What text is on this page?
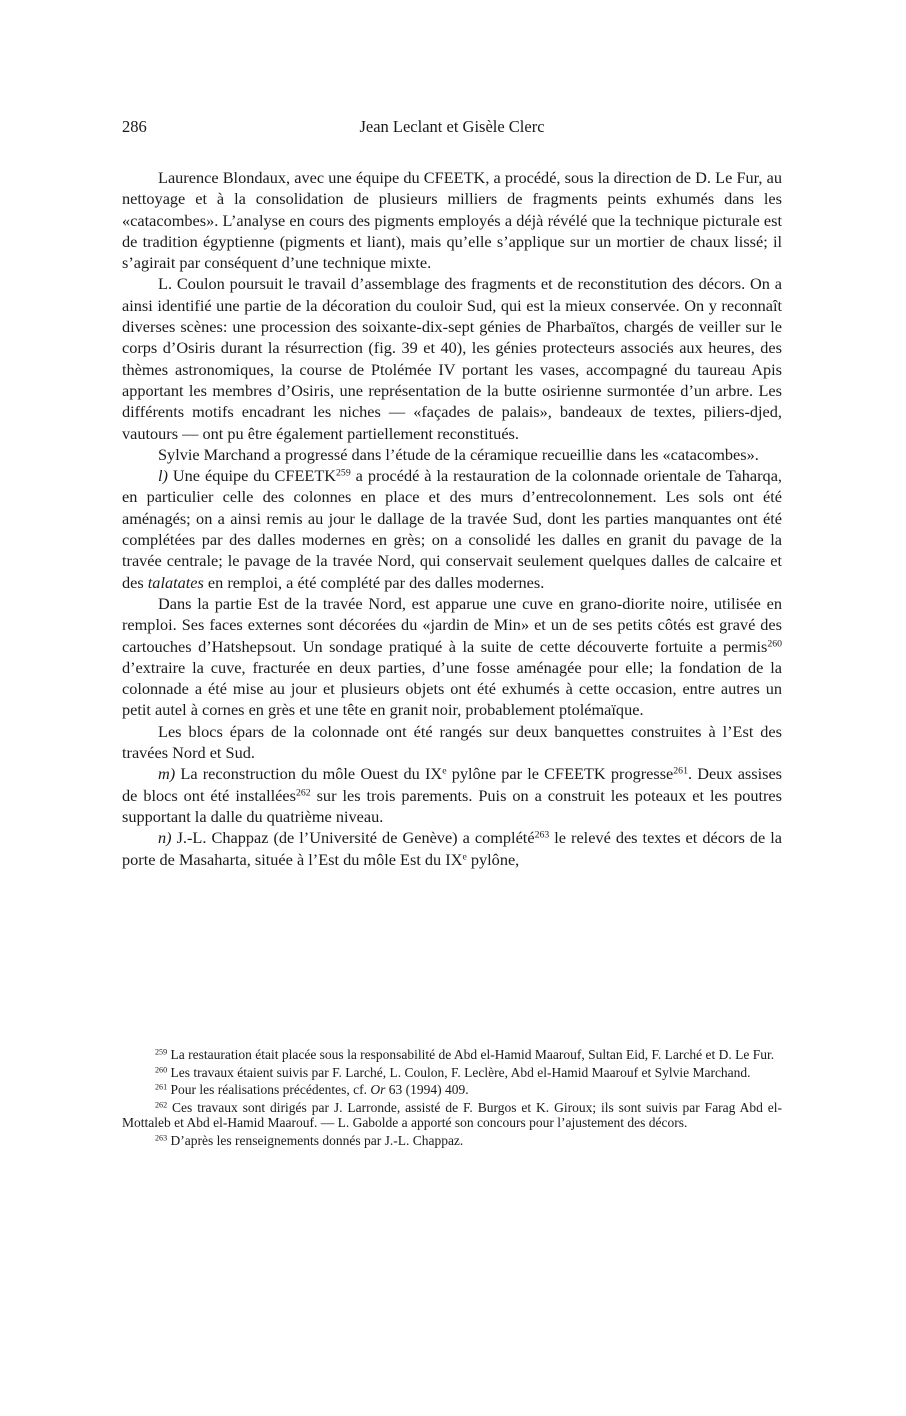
286	Jean Leclant et Gisèle Clerc

Laurence Blondaux, avec une équipe du CFEETK, a procédé, sous la direction de D. Le Fur, au nettoyage et à la consolidation de plusieurs milliers de fragments peints exhumés dans les «catacombes». L’analyse en cours des pigments employés a déjà révélé que la technique picturale est de tradition égyptienne (pigments et liant), mais qu’elle s’applique sur un mortier de chaux lissé; il s’agirait par conséquent d’une technique mixte.

L. Coulon poursuit le travail d’assemblage des fragments et de reconstitution des décors. On a ainsi identifié une partie de la décoration du couloir Sud, qui est la mieux conservée. On y reconnaît diverses scènes: une procession des soixante-dix-sept génies de Pharbaïtos, chargés de veiller sur le corps d’Osiris durant la résurrection (fig. 39 et 40), les génies protecteurs associés aux heures, des thèmes astronomiques, la course de Ptolémée IV portant les vases, accompagné du taureau Apis apportant les membres d’Osiris, une représentation de la butte osirienne surmontée d’un arbre. Les différents motifs encadrant les niches — «façades de palais», bandeaux de textes, piliers-djed, vautours — ont pu être également partiellement reconstitués.

Sylvie Marchand a progressé dans l’étude de la céramique recueillie dans les «catacombes».

l) Une équipe du CFEETK$^{259}$ a procédé à la restauration de la colonnade orientale de Taharqa, en particulier celle des colonnes en place et des murs d’entrecolonnement. Les sols ont été aménagés; on a ainsi remis au jour le dallage de la travée Sud, dont les parties manquantes ont été complétées par des dalles modernes en grès; on a consolidé les dalles en granit du pavage de la travée centrale; le pavage de la travée Nord, qui conservait seulement quelques dalles de calcaire et des talatates en remploi, a été complété par des dalles modernes.

Dans la partie Est de la travée Nord, est apparue une cuve en grano-diorite noire, utilisée en remploi. Ses faces externes sont décorées du «jardin de Min» et un de ses petits côtés est gravé des cartouches d’Hatshepsout. Un sondage pratiqué à la suite de cette découverte fortuite a permis$^{260}$ d’extraire la cuve, fracturée en deux parties, d’une fosse aménagée pour elle; la fondation de la colonnade a été mise au jour et plusieurs objets ont été exhumés à cette occasion, entre autres un petit autel à cornes en grès et une tête en granit noir, probablement ptolémaïque.

Les blocs épars de la colonnade ont été rangés sur deux banquettes construites à l’Est des travées Nord et Sud.

m) La reconstruction du môle Ouest du IXe pylône par le CFEETK progresse$^{261}$. Deux assises de blocs ont été installées$^{262}$ sur les trois parements. Puis on a construit les poteaux et les poutres supportant la dalle du quatrième niveau.

n) J.-L. Chappaz (de l’Université de Genève) a complété$^{263}$ le relevé des textes et décors de la porte de Masaharta, située à l’Est du môle Est du IXe pylône,

$^{259}$ La restauration était placée sous la responsabilité de Abd el-Hamid Maarouf, Sultan Eid, F. Larché et D. Le Fur.

$^{260}$ Les travaux étaient suivis par F. Larché, L. Coulon, F. Leclère, Abd el-Hamid Maarouf et Sylvie Marchand.

$^{261}$ Pour les réalisations précédentes, cf. Or 63 (1994) 409.

$^{262}$ Ces travaux sont dirigés par J. Larronde, assisté de F. Burgos et K. Giroux; ils sont suivis par Farag Abd el-Mottaleb et Abd el-Hamid Maarouf. — L. Gabolde a apporté son concours pour l’ajustement des décors.

$^{263}$ D’après les renseignements donnés par J.-L. Chappaz.
